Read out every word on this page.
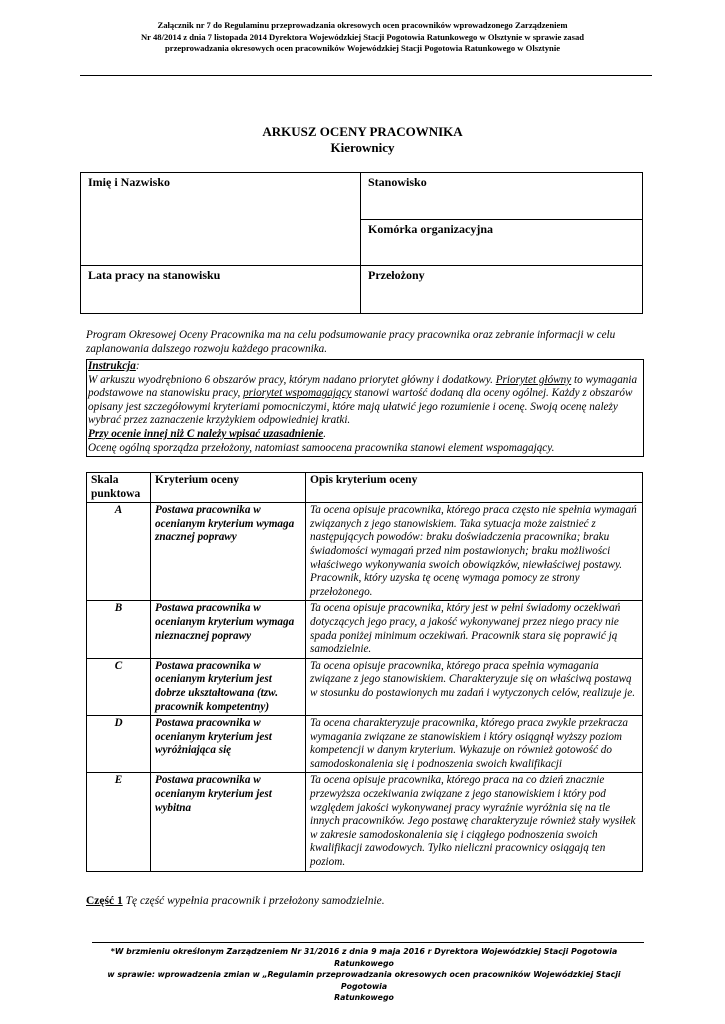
Załącznik nr 7 do Regulaminu przeprowadzania okresowych ocen pracowników wprowadzonego Zarządzeniem
Nr 48/2014 z dnia 7 listopada 2014 Dyrektora Wojewódzkiej Stacji Pogotowia Ratunkowego w Olsztynie w sprawie zasad
przeprowadzania okresowych ocen pracowników Wojewódzkiej Stacji Pogotowia Ratunkowego w Olsztynie
ARKUSZ OCENY PRACOWNIKA
Kierownicy
Imię i Nazwisko	Stanowisko
	Komórka organizacyjna
Lata pracy na stanowisku	Przełożony
Program Okresowej Oceny Pracownika ma na celu podsumowanie pracy pracownika oraz zebranie informacji w celu zaplanowania dalszego rozwoju każdego pracownika.
Instrukcja:
W arkuszu wyodrębniono 6 obszarów pracy, którym nadano priorytet główny i dodatkowy. Priorytet główny to wymagania podstawowe na stanowisku pracy, priorytet wspomagający stanowi wartość dodaną dla oceny ogólnej. Każdy z obszarów opisany jest szczegółowymi kryteriami pomocniczymi, które mają ułatwić jego rozumienie i ocenę. Swoją ocenę należy wybrać przez zaznaczenie krzyżykiem odpowiedniej kratki.
Przy ocenie innej niż C należy wpisać uzasadnienie.
Ocenę ogólną sporządza przełożony, natomiast samoocena pracownika stanowi element wspomagający.
Skala punktowa	Kryterium oceny	Opis kryterium oceny
A	Postawa pracownika w ocenianym kryterium wymaga znacznej poprawy	Ta ocena opisuje pracownika, którego praca często nie spełnia wymagań związanych z jego stanowiskiem. Taka sytuacja może zaistnieć z następujących powodów: braku doświadczenia pracownika; braku świadomości wymagań przed nim postawionych; braku możliwości właściwego wykonywania swoich obowiązków, niewłaściwej postawy. Pracownik, który uzyska tę ocenę wymaga pomocy ze strony przełożonego.
B	Postawa pracownika w ocenianym kryterium wymaga nieznacznej poprawy	Ta ocena opisuje pracownika, który jest w pełni świadomy oczekiwań dotyczących jego pracy, a jakość wykonywanej przez niego pracy nie spada poniżej minimum oczekiwań. Pracownik stara się poprawić ją samodzielnie.
C	Postawa pracownika w ocenianym kryterium jest dobrze ukształtowana (tzw. pracownik kompetentny)	Ta ocena opisuje pracownika, którego praca spełnia wymagania związane z jego stanowiskiem. Charakteryzuje się on właściwą postawą w stosunku do postawionych mu zadań i wytyczonych celów, realizuje je.
D	Postawa pracownika w ocenianym kryterium jest wyróżniająca się	Ta ocena charakteryzuje pracownika, którego praca zwykle przekracza wymagania związane ze stanowiskiem i który osiągnął wyższy poziom kompetencji w danym kryterium. Wykazuje on również gotowość do samodoskonalenia się i podnoszenia swoich kwalifikacji
E	Postawa pracownika w ocenianym kryterium jest wybitna	Ta ocena opisuje pracownika, którego praca na co dzień znacznie przewyższa oczekiwania związane z jego stanowiskiem i który pod względem jakości wykonywanej pracy wyraźnie wyróżnia się na tle innych pracowników. Jego postawę charakteryzuje również stały wysiłek w zakresie samodoskonalenia się i ciągłego podnoszenia swoich kwalifikacji zawodowych. Tylko nieliczni pracownicy osiągają ten poziom.
Część 1 Tę część wypełnia pracownik i przełożony samodzielnie.
*W brzmieniu określonym Zarządzeniem Nr 31/2016 z dnia 9 maja 2016 r Dyrektora Wojewódzkiej Stacji Pogotowia Ratunkowego
w sprawie: wprowadzenia zmian w „Regulamin przeprowadzania okresowych ocen pracowników Wojewódzkiej Stacji Pogotowia
Ratunkowego
